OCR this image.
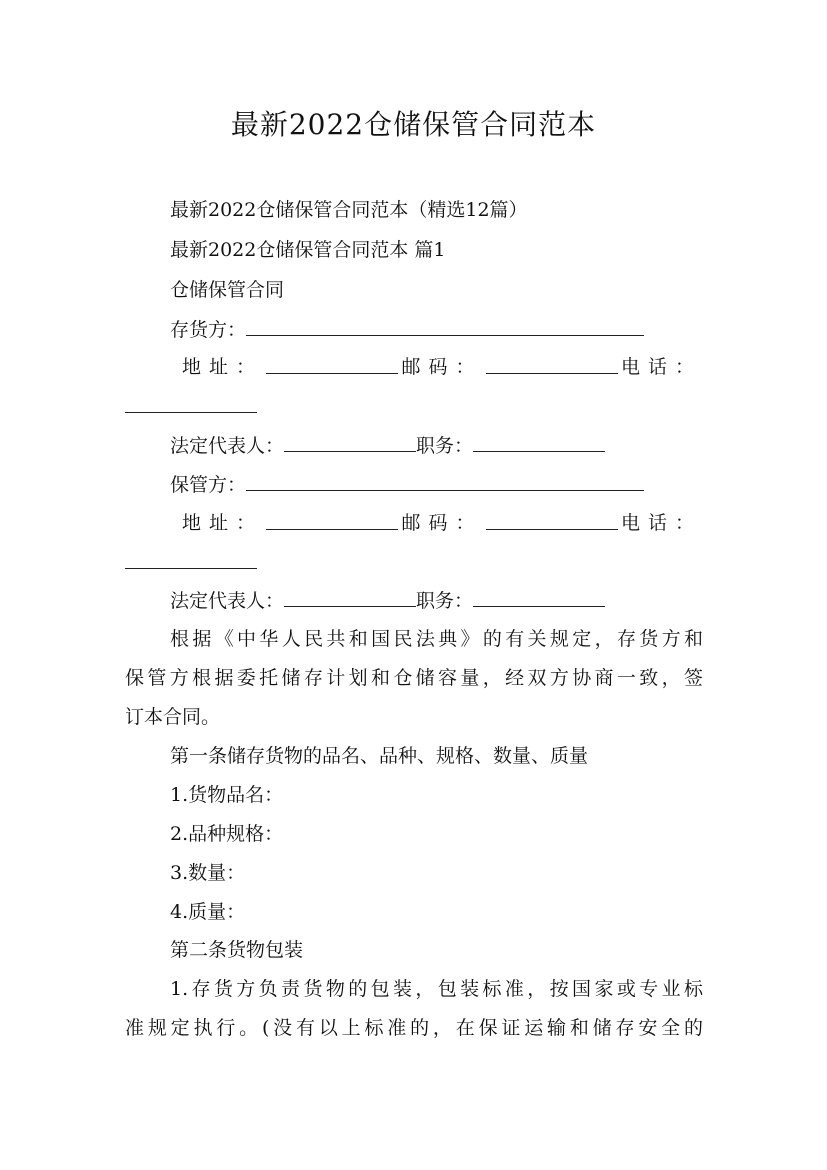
最新2022仓储保管合同范本
最新2022仓储保管合同范本（精选12篇）
最新2022仓储保管合同范本 篇1
仓储保管合同
存货方：
地址：	邮码：	电话：
法定代表人：	职务：
保管方：
地址：	邮码：	电话：
法定代表人：	职务：
根据《中华人民共和国民法典》的有关规定，存货方和
保管方根据委托储存计划和仓储容量，经双方协商一致，签
订本合同。
第一条储存货物的品名、品种、规格、数量、质量
1.货物品名：
2.品种规格：
3.数量：
4.质量：
第二条货物包装
1.存货方负责货物的包装，包装标准，按国家或专业标
准规定执行。(没有以上标准的，在保证运输和储存安全的
